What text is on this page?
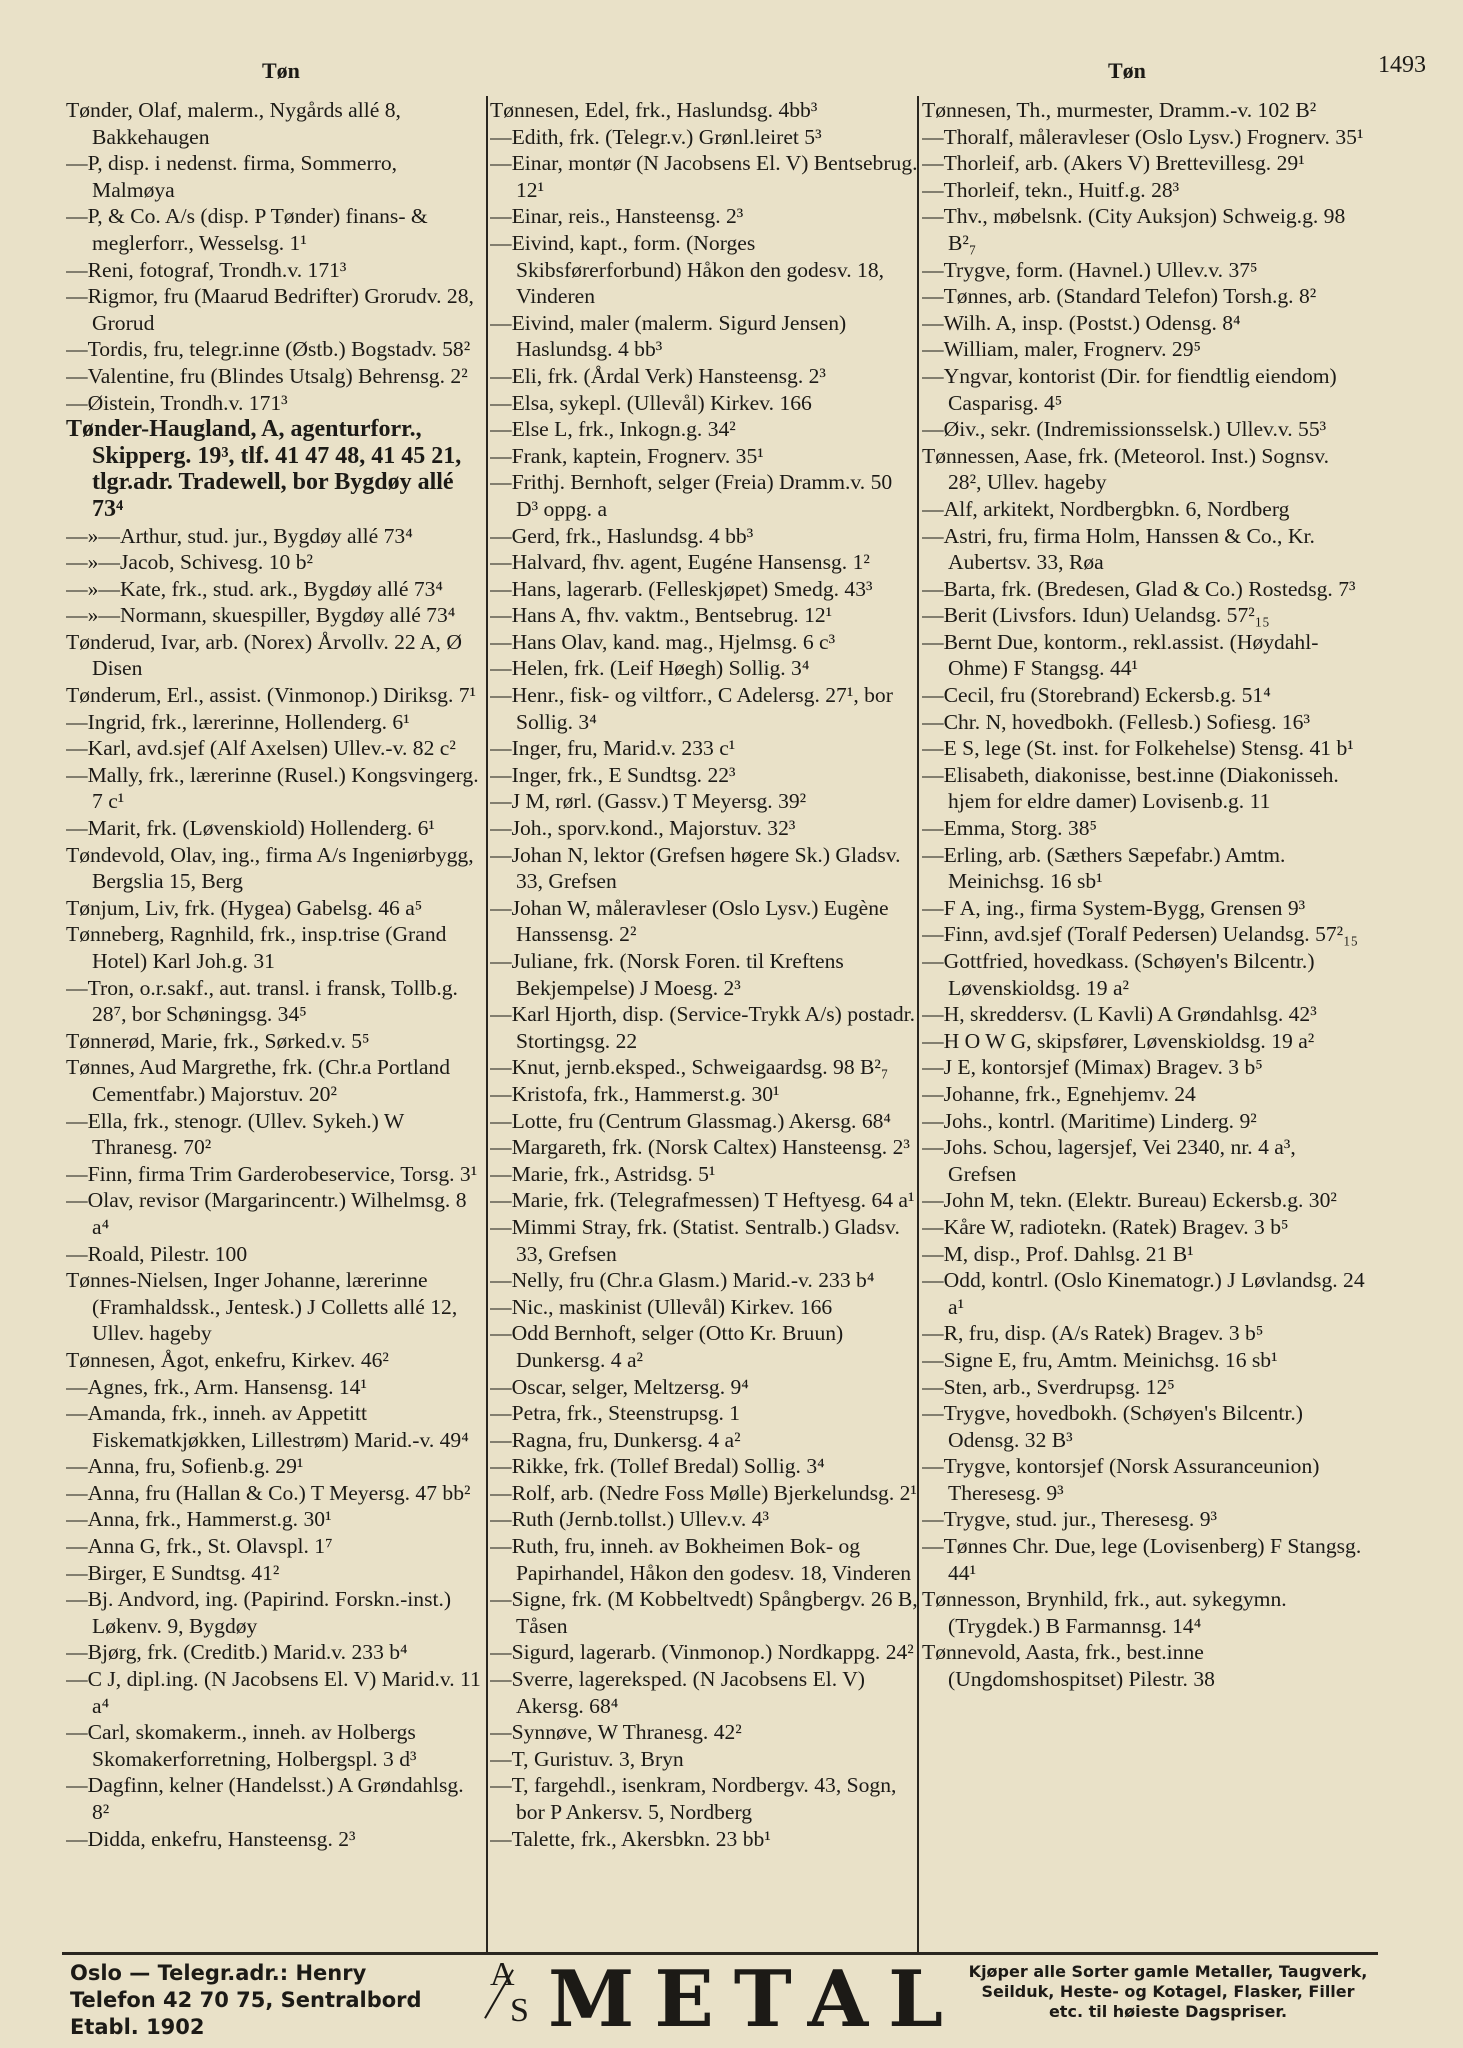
Tøn	Tøn	1493
Tønder, Olaf, malerm., Nygårds allé 8, Bakkehaugen
—P, disp. i nedenst. firma, Sommerro, Malmøya
—P, & Co. A/s (disp. P Tønder) finans- & meglerforr., Wesselsg. 1¹
—Reni, fotograf, Trondh.v. 171³
—Rigmor, fru (Maarud Bedrifter) Grorudv. 28, Grorud
—Tordis, fru, telegr.inne (Østb.) Bogstadv. 58²
—Valentine, fru (Blindes Utsalg) Behrensg. 2²
—Øistein, Trondh.v. 171³
Tønder-Haugland, A, agenturforr., Skipperg. 19³, tlf. 41 47 48, 41 45 21, tlgr.adr. Tradewell, bor Bygdøy allé 73⁴
—»—Arthur, stud. jur., Bygdøy allé 73⁴
—»—Jacob, Schivesg. 10 b²
—»—Kate, frk., stud. ark., Bygdøy allé 73⁴
—»—Normann, skuespiller, Bygdøy allé 73⁴
Tønderud, Ivar, arb. (Norex) Årvollv. 22 A, Ø Disen
Tønderum, Erl., assist. (Vinmonop.) Diriksg. 7¹
—Ingrid, frk., lærerinne, Hollenderg. 6¹
—Karl, avd.sjef (Alf Axelsen) Ullev.-v. 82 c²
—Mally, frk., lærerinne (Rusel.) Kongsvingerg. 7 c¹
—Marit, frk. (Løvenskiold) Hollenderg. 6¹
Tøndevold, Olav, ing., firma A/s Ingeniørbygg, Bergslia 15, Berg
Tønjum, Liv, frk. (Hygea) Gabelsg. 46 a⁵
Tønneberg, Ragnhild, frk., insp.trise (Grand Hotel) Karl Joh.g. 31
—Tron, o.r.sakf., aut. transl. i fransk, Tollb.g. 28⁷, bor Schøningsg. 34⁵
Tønnerød, Marie, frk., Sørked.v. 5⁵
Tønnes, Aud Margrethe, frk. (Chr.a Portland Cementfabr.) Majorstuv. 20²
—Ella, frk., stenogr. (Ullev. Sykeh.) W Thranesg. 70²
—Finn, firma Trim Garderobeservice, Torsg. 3¹
—Olav, revisor (Margarincentr.) Wilhelmsg. 8 a⁴
—Roald, Pilestr. 100
Tønnes-Nielsen, Inger Johanne, lærerinne (Framhaldssk., Jentesk.) J Colletts allé 12, Ullev. hageby
Tønnesen, Ågot, enkefru, Kirkev. 46²
—Agnes, frk., Arm. Hansensg. 14¹
—Amanda, frk., inneh. av Appetitt Fiskematkjøkken, Lillestrøm) Marid.-v. 49⁴
—Anna, fru, Sofienb.g. 29¹
—Anna, fru (Hallan & Co.) T Meyersg. 47 bb²
—Anna, frk., Hammerst.g. 30¹
—Anna G, frk., St. Olavspl. 1⁷
—Birger, E Sundtsg. 41²
—Bj. Andvord, ing. (Papirind. Forskn.-inst.) Løkenv. 9, Bygdøy
—Bjørg, frk. (Creditb.) Marid.v. 233 b⁴
—C J, dipl.ing. (N Jacobsens El. V) Marid.v. 11 a⁴
—Carl, skomakerm., inneh. av Holbergs Skomakerforretning, Holbergspl. 3 d³
—Dagfinn, kelner (Handelsst.) A Grøndahlsg. 8²
—Didda, enkefru, Hansteensg. 2³
Tønnesen, Edel, frk., Haslundsg. 4bb³
—Edith, frk. (Telegr.v.) Grønl.leiret 5³
—Einar, montør (N Jacobsens El. V) Bentsebrug. 12¹
—Einar, reis., Hansteensg. 2³
—Eivind, kapt., form. (Norges Skibsførerforbund) Håkon den godesv. 18, Vinderen
—Eivind, maler (malerm. Sigurd Jensen) Haslundsg. 4 bb³
—Eli, frk. (Årdal Verk) Hansteensg. 2³
—Elsa, sykepl. (Ullevål) Kirkev. 166
—Else L, frk., Inkogn.g. 34²
—Frank, kaptein, Frognerv. 35¹
—Frithj. Bernhoft, selger (Freia) Dramm.v. 50 D³ oppg. a
—Gerd, frk., Haslundsg. 4 bb³
—Halvard, fhv. agent, Eugéne Hansensg. 1²
—Hans, lagerarb. (Felleskjøpet) Smedg. 43³
—Hans A, fhv. vaktm., Bentsebrug. 12¹
—Hans Olav, kand. mag., Hjelmsg. 6 c³
—Helen, frk. (Leif Høegh) Sollig. 3⁴
—Henr., fisk- og viltforr., C Adelersg. 27¹, bor Sollig. 3⁴
—Inger, fru, Marid.v. 233 c¹
—Inger, frk., E Sundtsg. 22³
—J M, rørl. (Gassv.) T Meyersg. 39²
—Joh., sporv.kond., Majorstuv. 32³
—Johan N, lektor (Grefsen høgere Sk.) Gladsv. 33, Grefsen
—Johan W, måleravleser (Oslo Lysv.) Eugène Hanssensg. 2²
—Juliane, frk. (Norsk Foren. til Kreftens Bekjempelse) J Moesg. 2³
—Karl Hjorth, disp. (Service-Trykk A/s) postadr. Stortingsg. 22
—Knut, jernb.eksped., Schweigaardsg. 98 B²₇
—Kristofa, frk., Hammerst.g. 30¹
—Lotte, fru (Centrum Glassmag.) Akersg. 68⁴
—Margareth, frk. (Norsk Caltex) Hansteensg. 2³
—Marie, frk., Astridsg. 5¹
—Marie, frk. (Telegrafmessen) T Heftyesg. 64 a¹
—Mimmi Stray, frk. (Statist. Sentralb.) Gladsv. 33, Grefsen
—Nelly, fru (Chr.a Glasm.) Marid.-v. 233 b⁴
—Nic., maskinist (Ullevål) Kirkev. 166
—Odd Bernhoft, selger (Otto Kr. Bruun) Dunkersg. 4 a²
—Oscar, selger, Meltzersg. 9⁴
—Petra, frk., Steenstrupsg. 1
—Ragna, fru, Dunkersg. 4 a²
—Rikke, frk. (Tollef Bredal) Sollig. 3⁴
—Rolf, arb. (Nedre Foss Mølle) Bjerkelundsg. 2¹
—Ruth (Jernb.tollst.) Ullev.v. 4³
—Ruth, fru, inneh. av Bokheimen Bok- og Papirhandel, Håkon den godesv. 18, Vinderen
—Signe, frk. (M Kobbeltvedt) Spångbergv. 26 B, Tåsen
—Sigurd, lagerarb. (Vinmonop.) Nordkappg. 24²
—Sverre, lagereksped. (N Jacobsens El. V) Akersg. 68⁴
—Synnøve, W Thranesg. 42²
—T, Guristuv. 3, Bryn
—T, fargehdl., isenkram, Nordbergv. 43, Sogn, bor P Ankersv. 5, Nordberg
—Talette, frk., Akersbkn. 23 bb¹
Tønnesen, Th., murmester, Dramm.-v. 102 B²
—Thoralf, måleravleser (Oslo Lysv.) Frognerv. 35¹
—Thorleif, arb. (Akers V) Brettevillesg. 29¹
—Thorleif, tekn., Huitf.g. 28³
—Thv., møbelsnk. (City Auksjon) Schweig.g. 98 B²₇
—Trygve, form. (Havnel.) Ullev.v. 37⁵
—Tønnes, arb. (Standard Telefon) Torsh.g. 8²
—Wilh. A, insp. (Postst.) Odensg. 8⁴
—William, maler, Frognerv. 29⁵
—Yngvar, kontorist (Dir. for fiendtlig eiendom) Casparisg. 4⁵
—Øiv., sekr. (Indremissionsselsk.) Ullev.v. 55³
Tønnessen, Aase, frk. (Meteorol. Inst.) Sognsv. 28², Ullev. hageby
—Alf, arkitekt, Nordbergbkn. 6, Nordberg
—Astri, fru, firma Holm, Hanssen & Co., Kr. Aubertsv. 33, Røa
—Barta, frk. (Bredesen, Glad & Co.) Rostedsg. 7³
—Berit (Livsfors. Idun) Uelandsg. 57²₁₅
—Bernt Due, kontorm., rekl.assist. (Høydahl-Ohme) F Stangsg. 44¹
—Cecil, fru (Storebrand) Eckersb.g. 51⁴
—Chr. N, hovedbokh. (Fellesb.) Sofiesg. 16³
—E S, lege (St. inst. for Folkehelse) Stensg. 41 b¹
—Elisabeth, diakonisse, best.inne (Diakonisseh. hjem for eldre damer) Lovisenb.g. 11
—Emma, Storg. 38⁵
—Erling, arb. (Sæthers Sæpefabr.) Amtm. Meinichsg. 16 sb¹
—F A, ing., firma System-Bygg, Grensen 9³
—Finn, avd.sjef (Toralf Pedersen) Uelandsg. 57²₁₅
—Gottfried, hovedkass. (Schøyen's Bilcentr.) Løvenskioldsg. 19 a²
—H, skreddersv. (L Kavli) A Grøndahlsg. 42³
—H O W G, skipsfører, Løvenskioldsg. 19 a²
—J E, kontorsjef (Mimax) Bragev. 3 b⁵
—Johanne, frk., Egnehjemv. 24
—Johs., kontrl. (Maritime) Linderg. 9²
—Johs. Schou, lagersjef, Vei 2340, nr. 4 a³, Grefsen
—John M, tekn. (Elektr. Bureau) Eckersb.g. 30²
—Kåre W, radiotekn. (Ratek) Bragev. 3 b⁵
—M, disp., Prof. Dahlsg. 21 B¹
—Odd, kontrl. (Oslo Kinematogr.) J Løvlandsg. 24 a¹
—R, fru, disp. (A/s Ratek) Bragev. 3 b⁵
—Signe E, fru, Amtm. Meinichsg. 16 sb¹
—Sten, arb., Sverdrupsg. 12⁵
—Trygve, hovedbokh. (Schøyen's Bilcentr.) Odensg. 32 B³
—Trygve, kontorsjef (Norsk Assuranceunion) Theresesg. 9³
—Trygve, stud. jur., Theresesg. 9³
—Tønnes Chr. Due, lege (Lovisenberg) F Stangsg. 44¹
Tønnesson, Brynhild, frk., aut. sykegymn. (Trygdek.) B Farmannsg. 14⁴
Tønnevold, Aasta, frk., best.inne (Ungdomshospitset) Pilestr. 38
Oslo — Telegr.adr.: Henry
Telefon 42 70 75, Sentralbord
Etabl. 1902
A
S METAL Kjøper alle Sorter gamle Metaller, Taugverk, Seilduk, Heste- og Kotagel, Flasker, Filler etc. til høieste Dagspriser.
